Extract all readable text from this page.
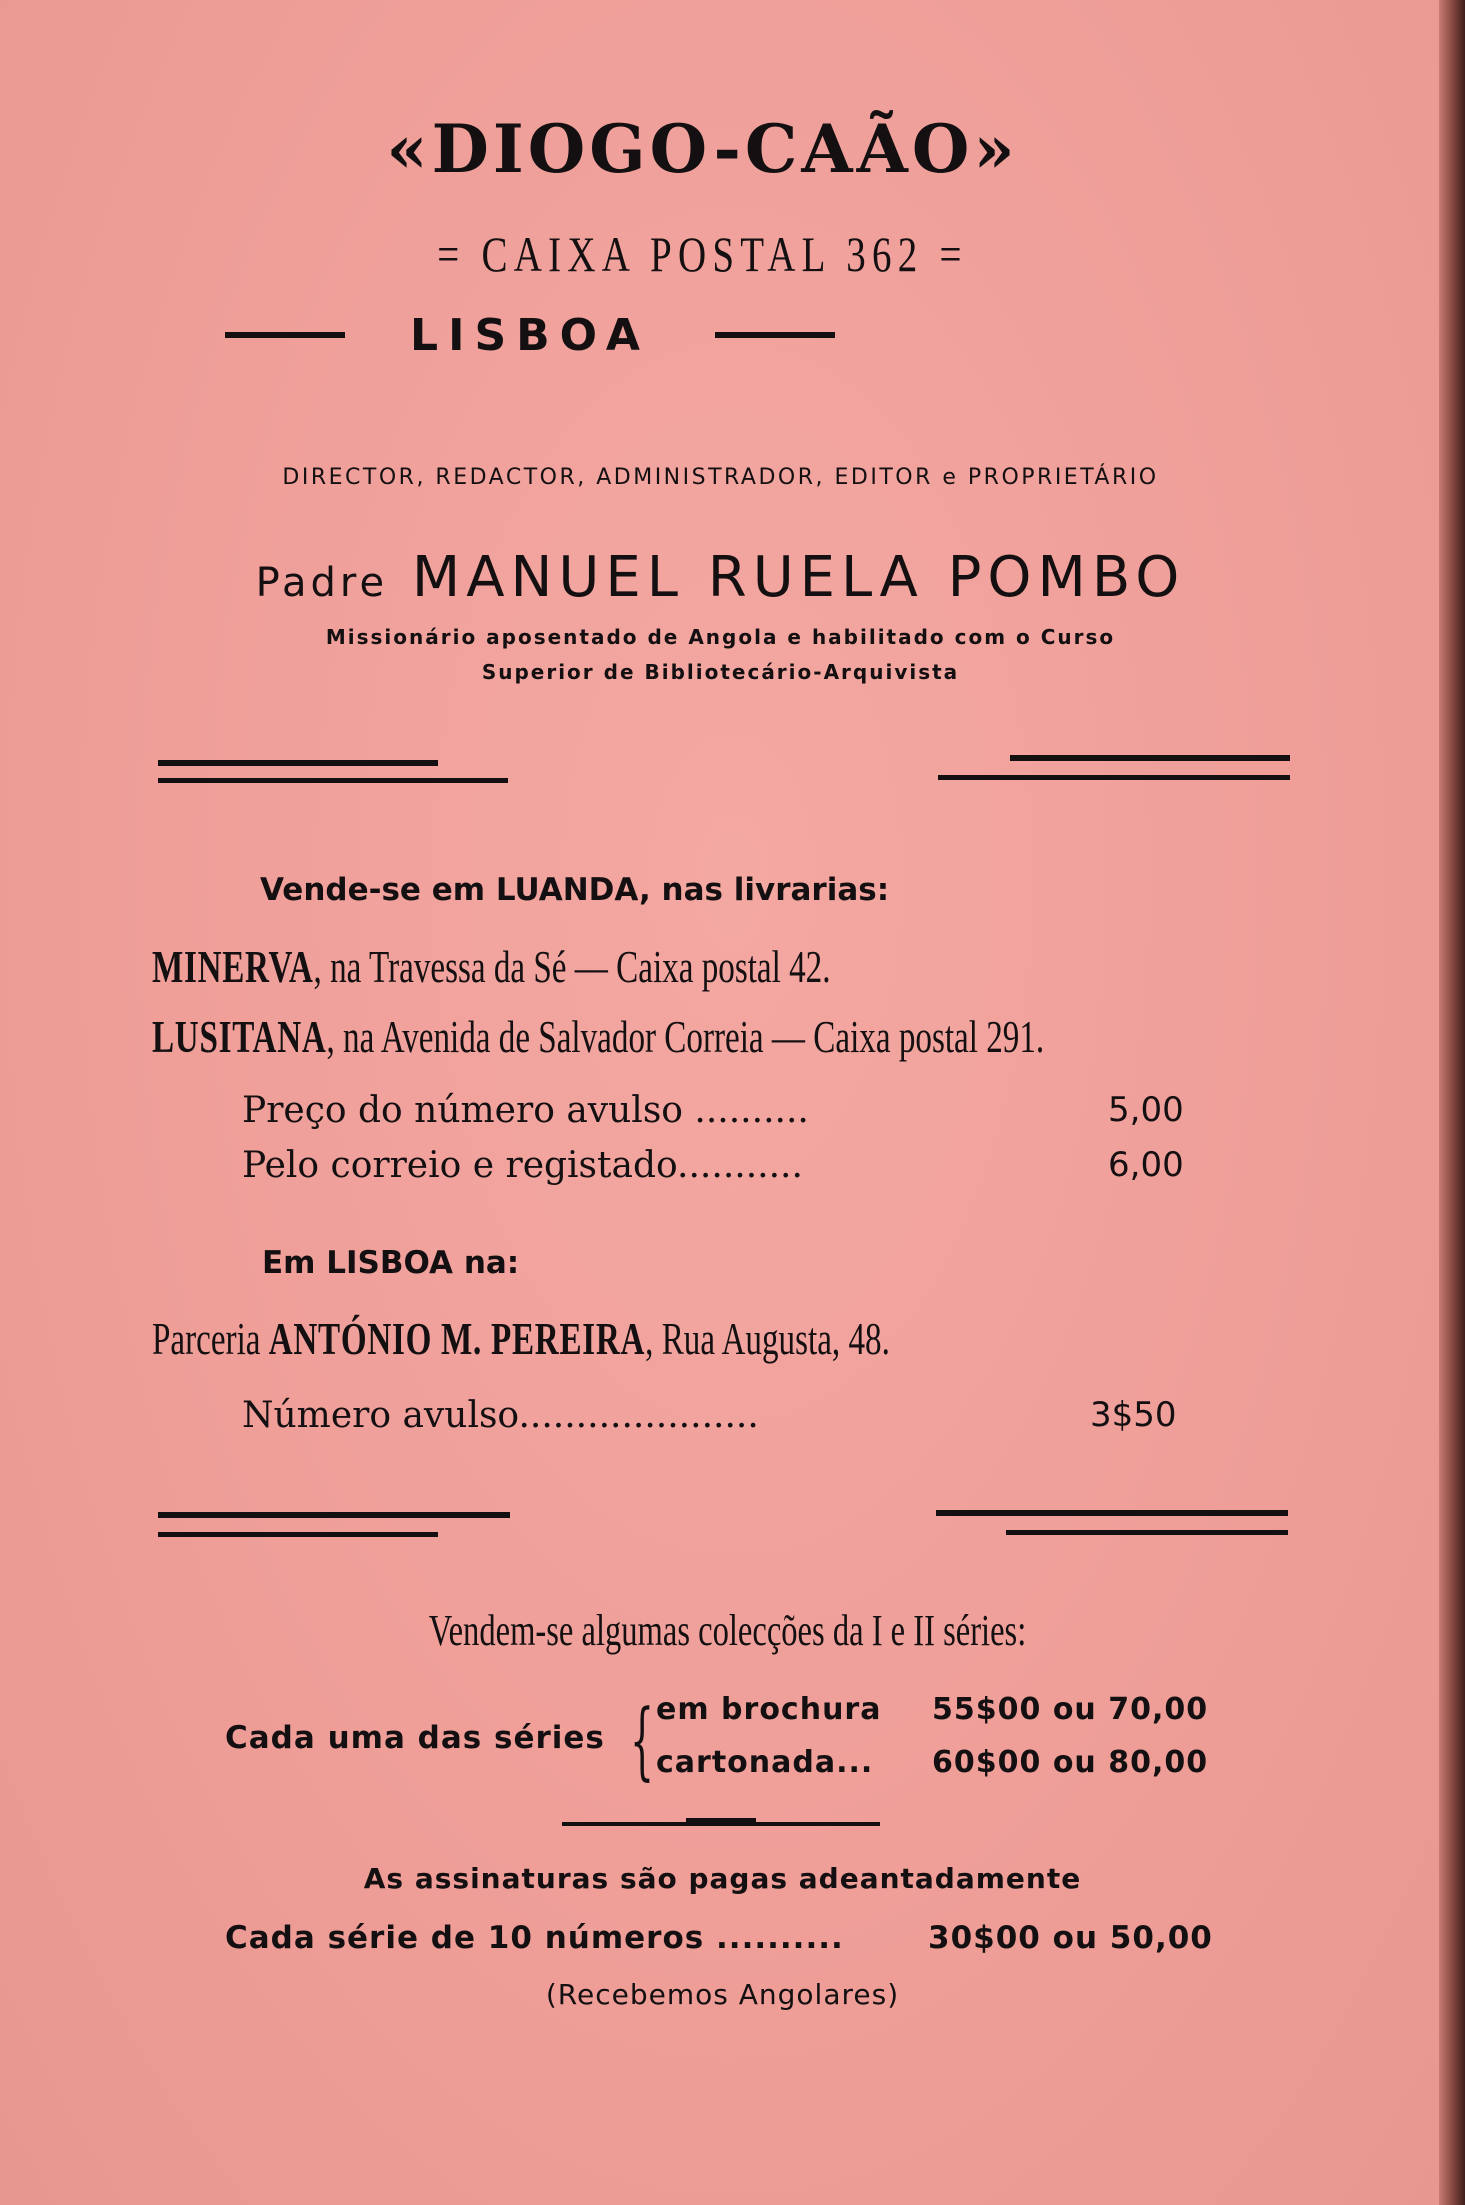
«DIOGO-CAÃO»
= CAIXA POSTAL 362 =
LISBOA
DIRECTOR, REDACTOR, ADMINISTRADOR, EDITOR e PROPRIETÁRIO
Padre MANUEL RUELA POMBO
Missionário aposentado de Angola e habilitado com o Curso
Superior de Bibliotecário-Arquivista
Vende-se em LUANDA, nas livrarias:
MINERVA, na Travessa da Sé — Caixa postal 42.
LUSITANA, na Avenida de Salvador Correia — Caixa postal 291.
Preço do número avulso ..........	5,00
Pelo correio e registado...........	6,00
Em LISBOA na:
Parceria ANTÓNIO M. PEREIRA, Rua Augusta, 48.
Número avulso.....................	3$50
Vendem-se algumas colecções da I e II séries:
Cada uma das séries { em brochura 55$00 ou 70,00
cartonada... 60$00 ou 80,00
As assinaturas são pagas adeantadamente
Cada série de 10 números ..........	30$00 ou 50,00
(Recebemos Angolares)
